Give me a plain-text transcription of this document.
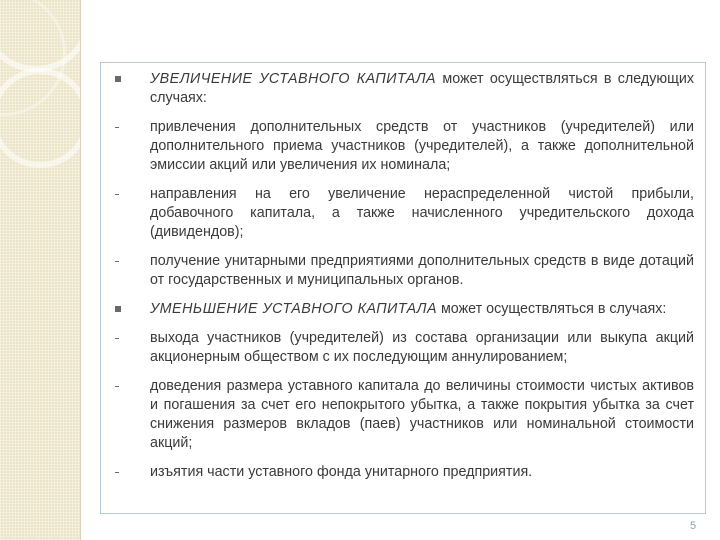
УВЕЛИЧЕНИЕ УСТАВНОГО КАПИТАЛА может осуществляться в следующих случаях:
привлечения дополнительных средств от участников (учредителей) или дополнительного приема участников (учредителей), а также дополнительной эмиссии акций или увеличения их номинала;
направления на его увеличение нераспределенной чистой прибыли, добавочного капитала, а также начисленного учредительского дохода (дивидендов);
получение унитарными предприятиями дополнительных средств в виде дотаций от государственных и муниципальных органов.
УМЕНЬШЕНИЕ УСТАВНОГО КАПИТАЛА может осуществляться в случаях:
выхода участников (учредителей) из состава организации или выкупа акций акционерным обществом с их последующим аннулированием;
доведения размера уставного капитала до величины стоимости чистых активов и погашения за счет его непокрытого убытка, а также покрытия убытка за счет снижения размеров вкладов (паев) участников или номинальной стоимости акций;
изъятия части уставного фонда унитарного предприятия.
5
